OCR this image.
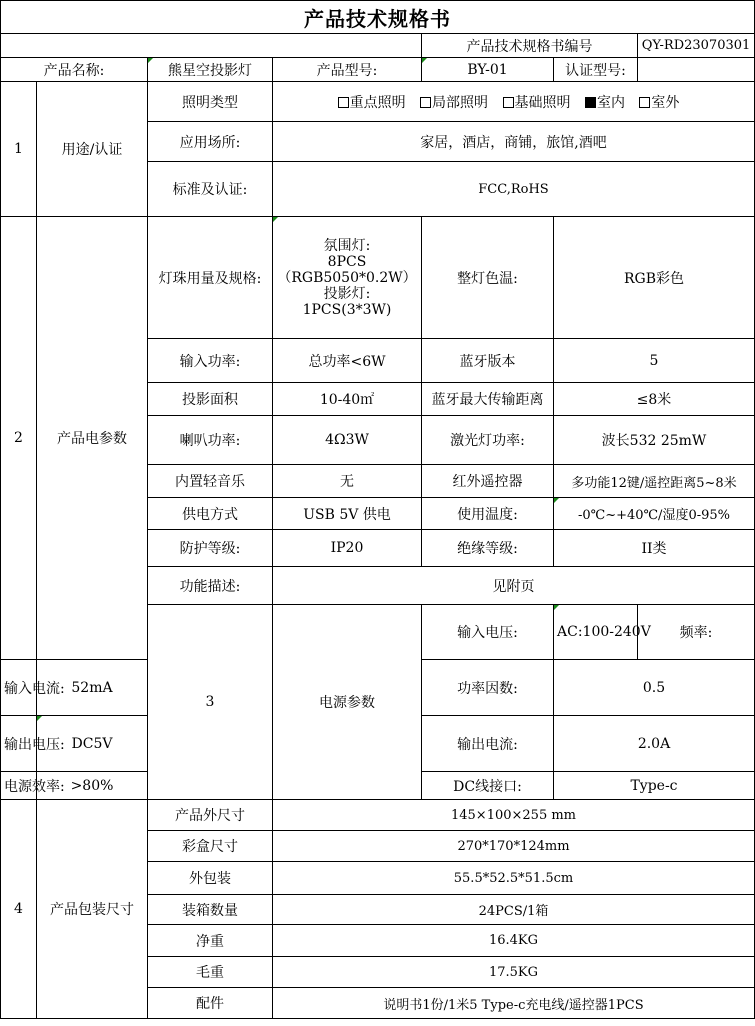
产品技术规格书							
				产品技术规格书编号		QY-RD23070301	
产品名称:		熊星空投影灯	产品型号:	BY-01	认证型号:		
1	用途/认证	照明类型	重点照明 局部照明 基础照明 室内 室外				
		应用场所:	家居，酒店，商铺，旅馆,酒吧				
		标准及认证:	FCC,RoHS				
2	产品电参数	灯珠用量及规格:	氛围灯:
8PCS
（RGB5050*0.2W）
投影灯:
1PCS(3*3W)	整灯色温:	RGB彩色		
		输入功率:	总功率<6W	蓝牙版本	5		
		投影面积	10-40㎡	蓝牙最大传输距离	≤8米		
		喇叭功率:	4Ω3W	激光灯功率:	波长532 25mW		
		内置轻音乐	无	红外遥控器	多功能12键/遥控距离5~8米		
		供电方式	USB 5V 供电	使用温度:	-0℃~+40℃/湿度0-95%		
		防护等级:	IP20	绝缘等级:	II类		
		功能描述:	见附页				
		3	电源参数	输入电压:	AC:100-240V	频率:	
输入电流:	52mA			功率因数:	0.5		
输出电压:	DC5V			输出电流:	2.0A		
电源效率:	>80%			DC线接口:	Type-c		
4	产品包装尺寸	产品外尺寸	145×100×255 mm				
		彩盒尺寸	270*170*124mm				
		外包装	55.5*52.5*51.5cm				
		装箱数量	24PCS/1箱				
		净重	16.4KG				
		毛重	17.5KG				
		配件	说明书1份/1米5 Type-c充电线/遥控器1PCS				
